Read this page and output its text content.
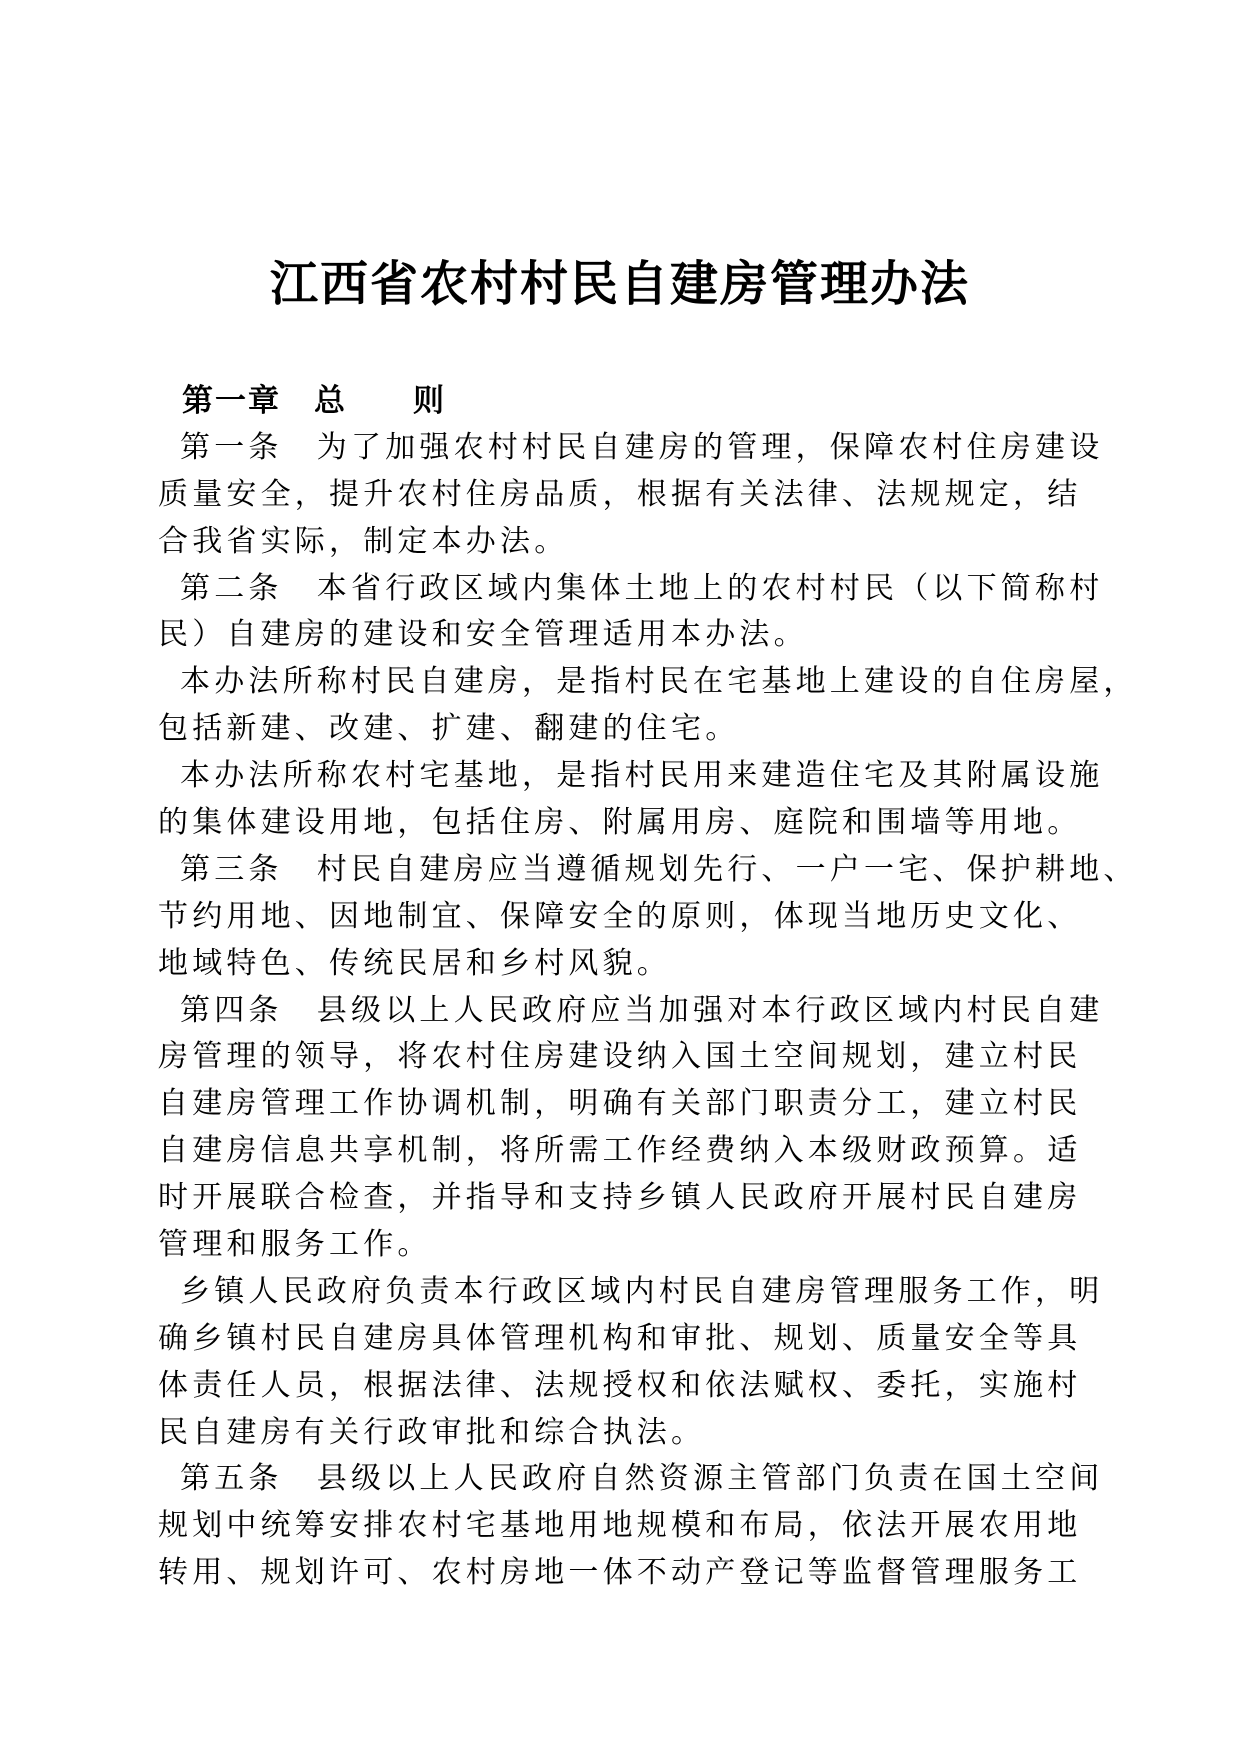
江西省农村村民自建房管理办法
第一章　总　　则
第一条　为了加强农村村民自建房的管理，保障农村住房建设
质量安全，提升农村住房品质，根据有关法律、法规规定，结
合我省实际，制定本办法。
第二条　本省行政区域内集体土地上的农村村民（以下简称村
民）自建房的建设和安全管理适用本办法。
本办法所称村民自建房，是指村民在宅基地上建设的自住房屋，
包括新建、改建、扩建、翻建的住宅。
本办法所称农村宅基地，是指村民用来建造住宅及其附属设施
的集体建设用地，包括住房、附属用房、庭院和围墙等用地。
第三条　村民自建房应当遵循规划先行、一户一宅、保护耕地、
节约用地、因地制宜、保障安全的原则，体现当地历史文化、
地域特色、传统民居和乡村风貌。
第四条　县级以上人民政府应当加强对本行政区域内村民自建
房管理的领导，将农村住房建设纳入国土空间规划，建立村民
自建房管理工作协调机制，明确有关部门职责分工，建立村民
自建房信息共享机制，将所需工作经费纳入本级财政预算。适
时开展联合检查，并指导和支持乡镇人民政府开展村民自建房
管理和服务工作。
乡镇人民政府负责本行政区域内村民自建房管理服务工作，明
确乡镇村民自建房具体管理机构和审批、规划、质量安全等具
体责任人员，根据法律、法规授权和依法赋权、委托，实施村
民自建房有关行政审批和综合执法。
第五条　县级以上人民政府自然资源主管部门负责在国土空间
规划中统筹安排农村宅基地用地规模和布局，依法开展农用地
转用、规划许可、农村房地一体不动产登记等监督管理服务工
